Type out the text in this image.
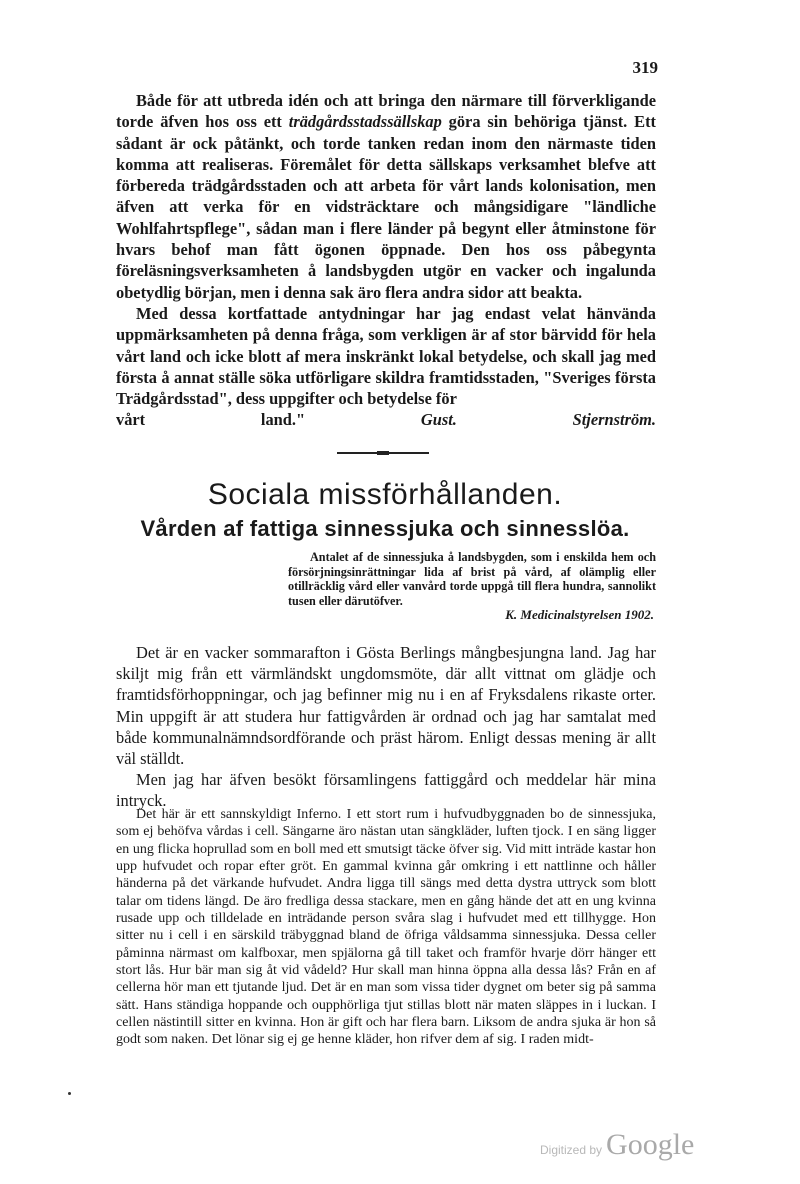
319

Både för att utbreda idén och att bringa den närmare till förverkligande torde äfven hos oss ett trädgårdsstadssällskap göra sin behöriga tjänst. Ett sådant är ock påtänkt, och torde tanken redan inom den närmaste tiden komma att realiseras. Föremålet för detta sällskaps verksamhet blefve att förbereda trädgårdsstaden och att arbeta för vårt lands kolonisation, men äfven att verka för en vidsträcktare och mångsidigare "ländliche Wohlfahrtspflege", sådan man i flere länder på begynt eller åtminstone för hvars behof man fått ögonen öppnade. Den hos oss påbegynta föreläsningsverksamheten å landsbygden utgör en vacker och ingalunda obetydlig början, men i denna sak äro flera andra sidor att beakta.

Med dessa kortfattade antydningar har jag endast velat hänvända uppmärksamheten på denna fråga, som verkligen är af stor bärvidd för hela vårt land och icke blott af mera inskränkt lokal betydelse, och skall jag med första å annat ställe söka utförligare skildra framtidsstaden, "Sveriges första Trädgårdsstad", dess uppgifter och betydelse för

vårt land."	Gust. Stjernström.

Sociala missförhållanden.
Vården af fattiga sinnessjuka och sinnesslöa.

Antalet af de sinnessjuka å landsbygden, som i enskilda hem och försörjningsinrättningar lida af brist på vård, af olämplig eller otillräcklig vård eller vanvård torde uppgå till flera hundra, sannolikt tusen eller därutöfver.

K. Medicinalstyrelsen 1902.

Det är en vacker sommarafton i Gösta Berlings mångbesjungna land. Jag har skiljt mig från ett värmländskt ungdomsmöte, där allt vittnat om glädje och framtidsförhoppningar, och jag befinner mig nu i en af Fryksdalens rikaste orter. Min uppgift är att studera hur fattigvården är ordnad och jag har samtalat med både kommunalnämndsordförande och präst härom. Enligt dessas mening är allt väl ställdt.

Men jag har äfven besökt församlingens fattiggård och meddelar här mina intryck.

Det här är ett sannskyldigt Inferno. I ett stort rum i hufvudbyggnaden bo de sinnessjuka, som ej behöfva vårdas i cell. Sängarne äro nästan utan sängkläder, luften tjock. I en säng ligger en ung flicka hoprullad som en boll med ett smutsigt täcke öfver sig. Vid mitt inträde kastar hon upp hufvudet och ropar efter gröt. En gammal kvinna går omkring i ett nattlinne och håller händerna på det värkande hufvudet. Andra ligga till sängs med detta dystra uttryck som blott talar om tidens längd. De äro fredliga dessa stackare, men en gång hände det att en ung kvinna rusade upp och tilldelade en inträdande person svåra slag i hufvudet med ett tillhygge. Hon sitter nu i cell i en särskild träbyggnad bland de öfriga våldsamma sinnessjuka. Dessa celler påminna närmast om kalfboxar, men spjälorna gå till taket och framför hvarje dörr hänger ett stort lås. Hur bär man sig åt vid vådeld? Hur skall man hinna öppna alla dessa lås? Från en af cellerna hör man ett tjutande ljud. Det är en man som vissa tider dygnet om beter sig på samma sätt. Hans ständiga hoppande och oupphörliga tjut stillas blott när maten släppes in i luckan. I cellen nästintill sitter en kvinna. Hon är gift och har flera barn. Liksom de andra sjuka är hon så godt som naken. Det lönar sig ej ge henne kläder, hon rifver dem af sig. I raden midt-

Digitized by Google
